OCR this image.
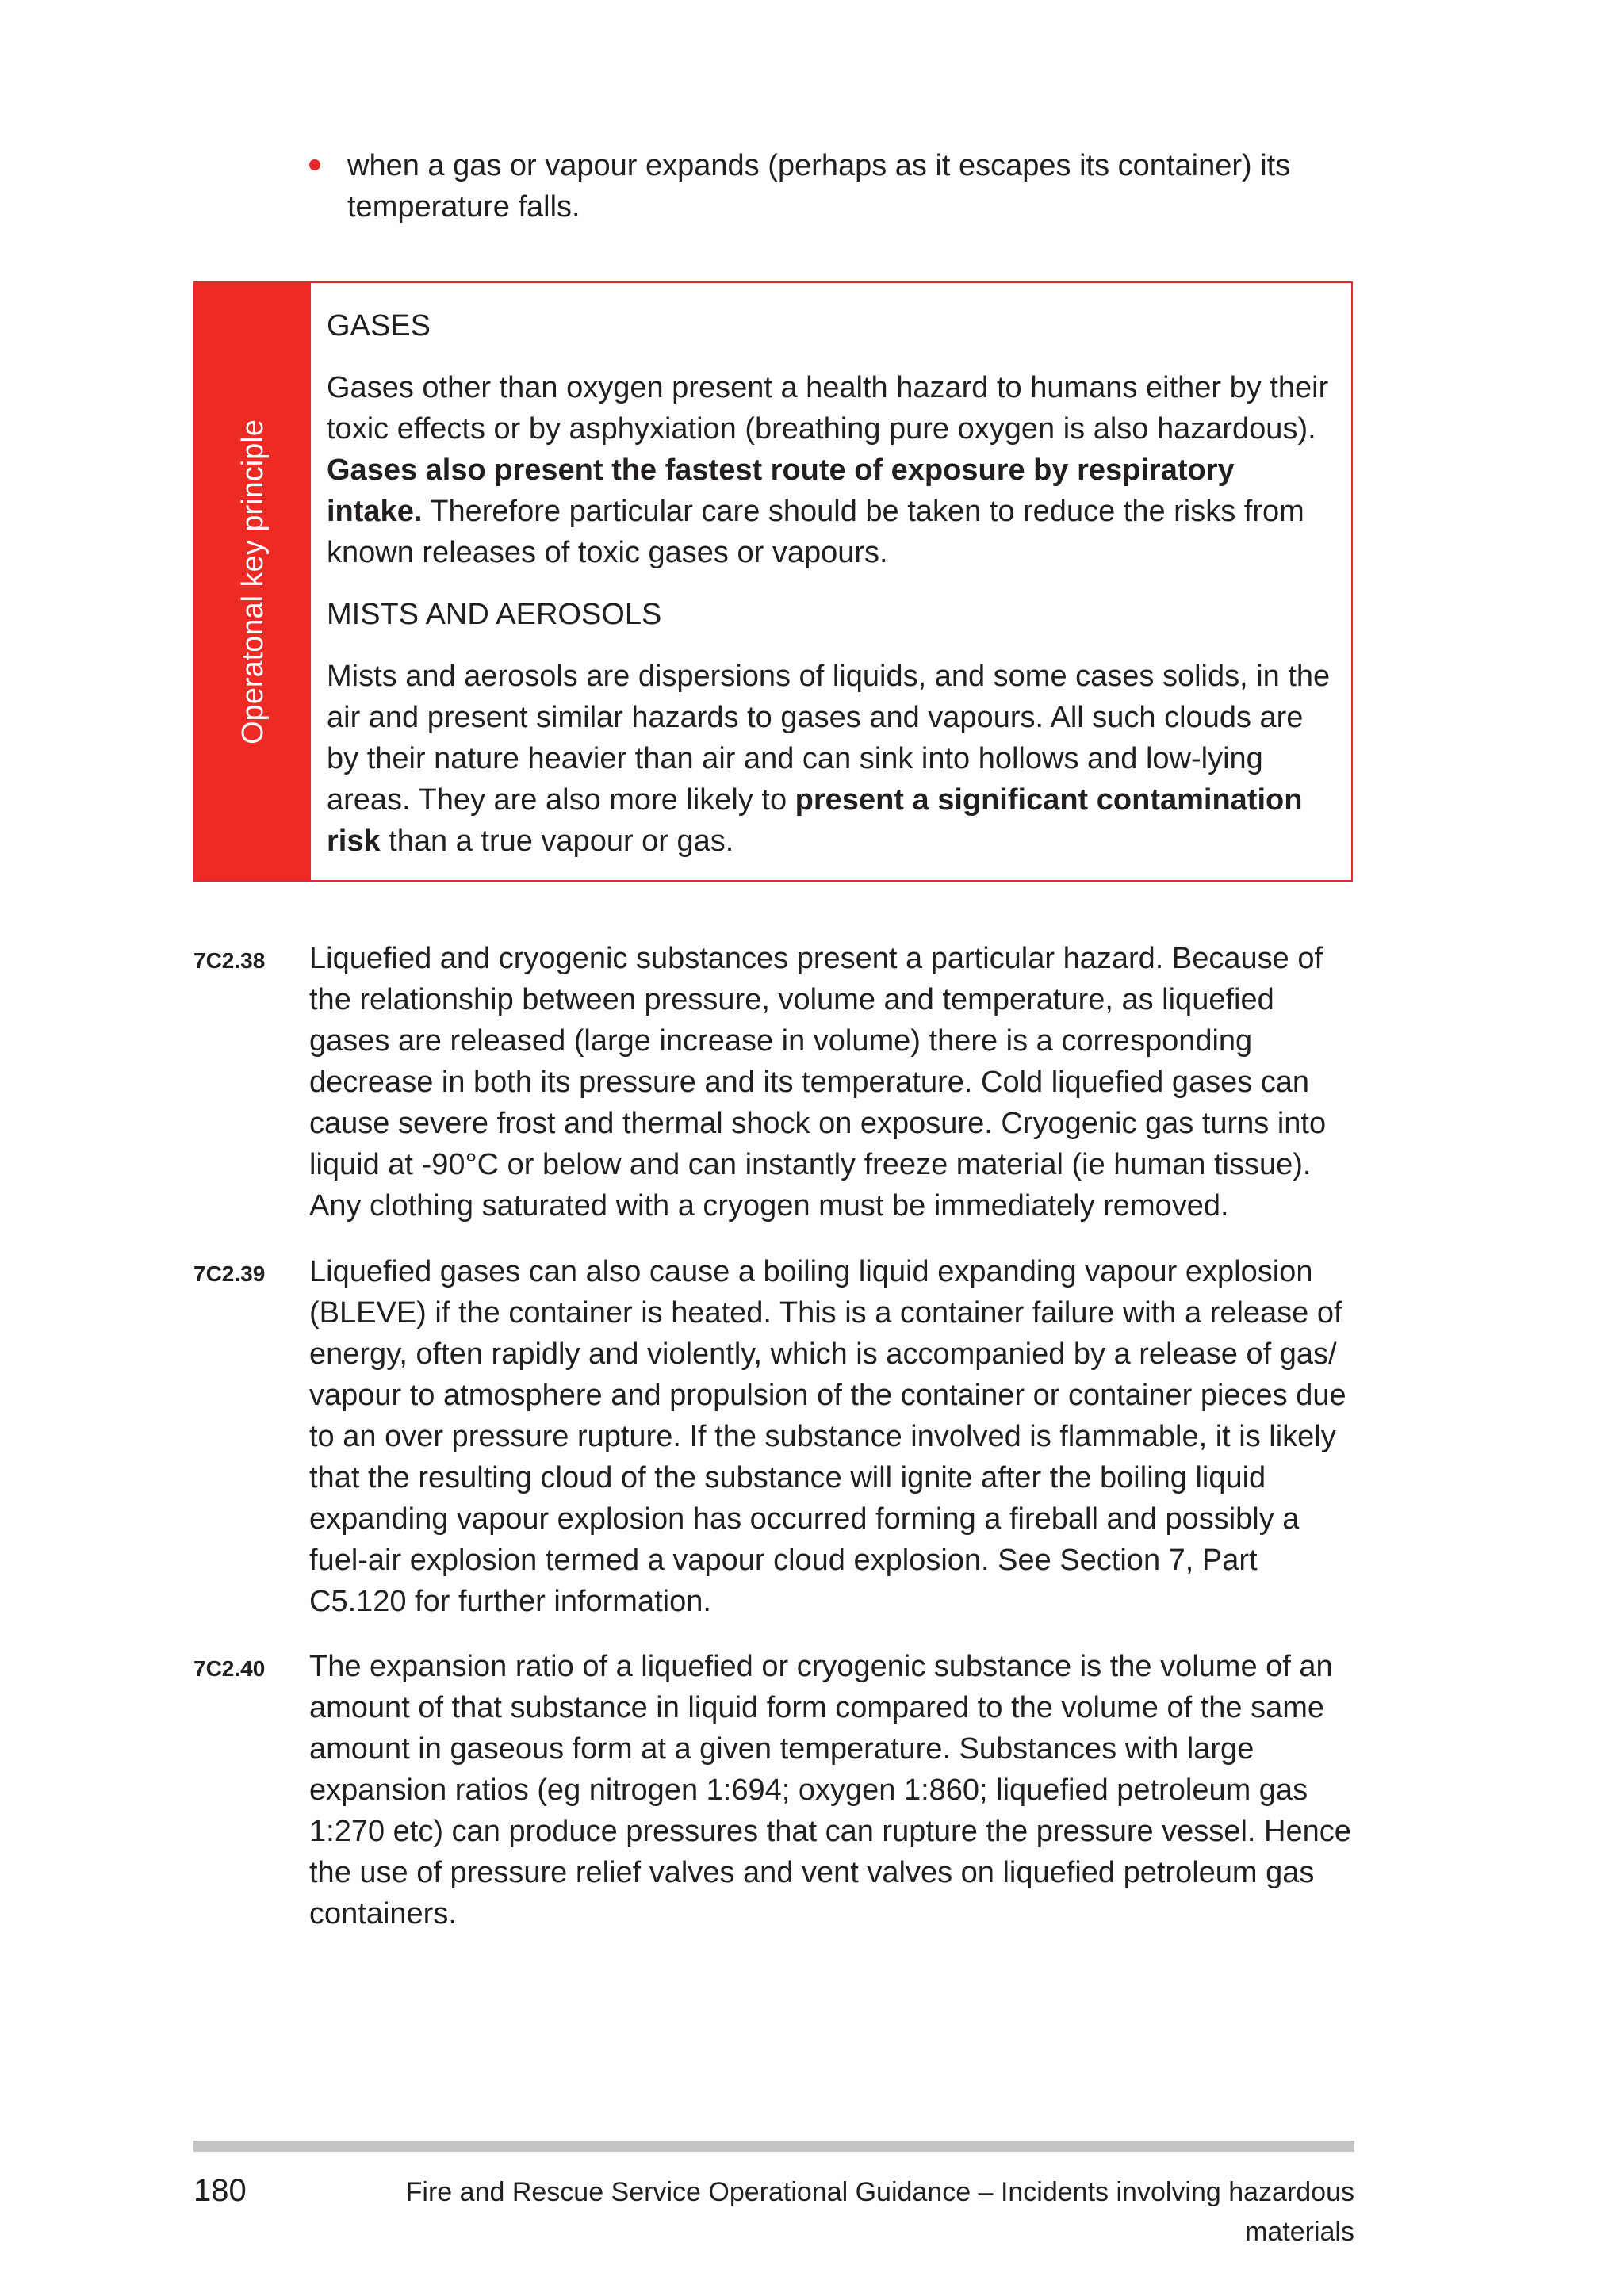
when a gas or vapour expands (perhaps as it escapes its container) its temperature falls.
Operatonal key principle
GASES

Gases other than oxygen present a health hazard to humans either by their toxic effects or by asphyxiation (breathing pure oxygen is also hazardous). Gases also present the fastest route of exposure by respiratory intake. Therefore particular care should be taken to reduce the risks from known releases of toxic gases or vapours.

MISTS AND AEROSOLS

Mists and aerosols are dispersions of liquids, and some cases solids, in the air and present similar hazards to gases and vapours. All such clouds are by their nature heavier than air and can sink into hollows and low-lying areas. They are also more likely to present a significant contamination risk than a true vapour or gas.

7C2.38	Liquefied and cryogenic substances present a particular hazard. Because of the relationship between pressure, volume and temperature, as liquefied gases are released (large increase in volume) there is a corresponding decrease in both its pressure and its temperature. Cold liquefied gases can cause severe frost and thermal shock on exposure. Cryogenic gas turns into liquid at -90°C or below and can instantly freeze material (ie human tissue). Any clothing saturated with a cryogen must be immediately removed.
7C2.39	Liquefied gases can also cause a boiling liquid expanding vapour explosion (BLEVE) if the container is heated. This is a container failure with a release of energy, often rapidly and violently, which is accompanied by a release of gas/ vapour to atmosphere and propulsion of the container or container pieces due to an over pressure rupture. If the substance involved is flammable, it is likely that the resulting cloud of the substance will ignite after the boiling liquid expanding vapour explosion has occurred forming a fireball and possibly a fuel-air explosion termed a vapour cloud explosion. See Section 7, Part C5.120 for further information.
7C2.40	The expansion ratio of a liquefied or cryogenic substance is the volume of an amount of that substance in liquid form compared to the volume of the same amount in gaseous form at a given temperature. Substances with large expansion ratios (eg nitrogen 1:694; oxygen 1:860; liquefied petroleum gas 1:270 etc) can produce pressures that can rupture the pressure vessel. Hence the use of pressure relief valves and vent valves on liquefied petroleum gas containers.
180	Fire and Rescue Service Operational Guidance – Incidents involving hazardous materials
